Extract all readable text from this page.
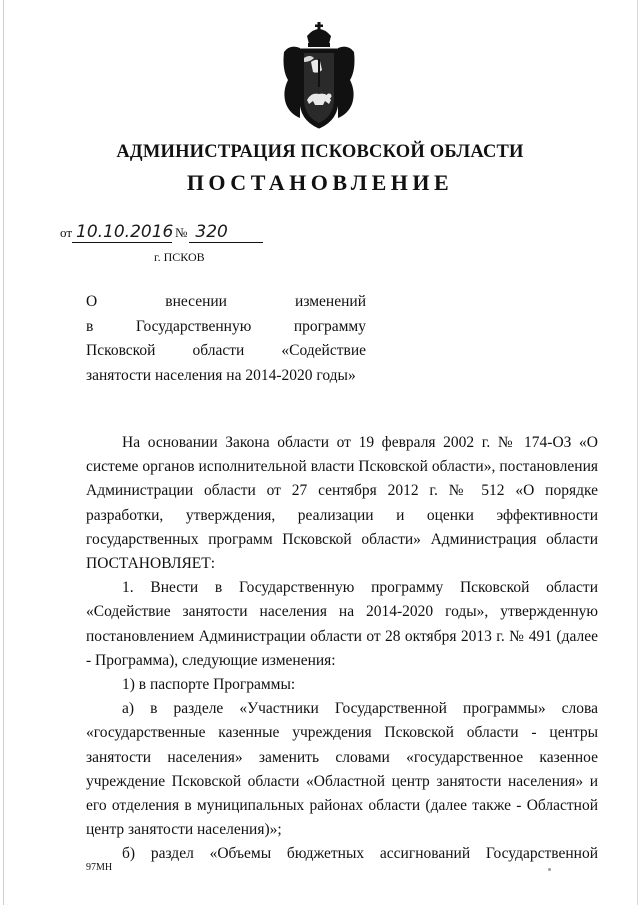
АДМИНИСТРАЦИЯ ПСКОВСКОЙ ОБЛАСТИ
ПОСТАНОВЛЕНИЕ
от 10.10.2016 № 320
г. ПСКОВ
О внесении изменений
в Государственную программу
Псковской области «Содействие
занятости населения на 2014-2020 годы»

На основании Закона области от 19 февраля 2002 г. № 174-ОЗ «О системе органов исполнительной власти Псковской области», постановления Администрации области от 27 сентября 2012 г. № 512 «О порядке разработки, утверждения, реализации и оценки эффективности государственных программ Псковской области» Администрация области ПОСТАНОВЛЯЕТ:

1. Внести в Государственную программу Псковской области «Содействие занятости населения на 2014-2020 годы», утвержденную постановлением Администрации области от 28 октября 2013 г. № 491 (далее - Программа), следующие изменения:

1) в паспорте Программы:

а) в разделе «Участники Государственной программы» слова «государственные казенные учреждения Псковской области - центры занятости населения» заменить словами «государственное казенное учреждение Псковской области «Областной центр занятости населения» и его отделения в муниципальных районах области (далее также - Областной центр занятости населения)»;

б) раздел «Объемы бюджетных ассигнований Государственной

97МН
